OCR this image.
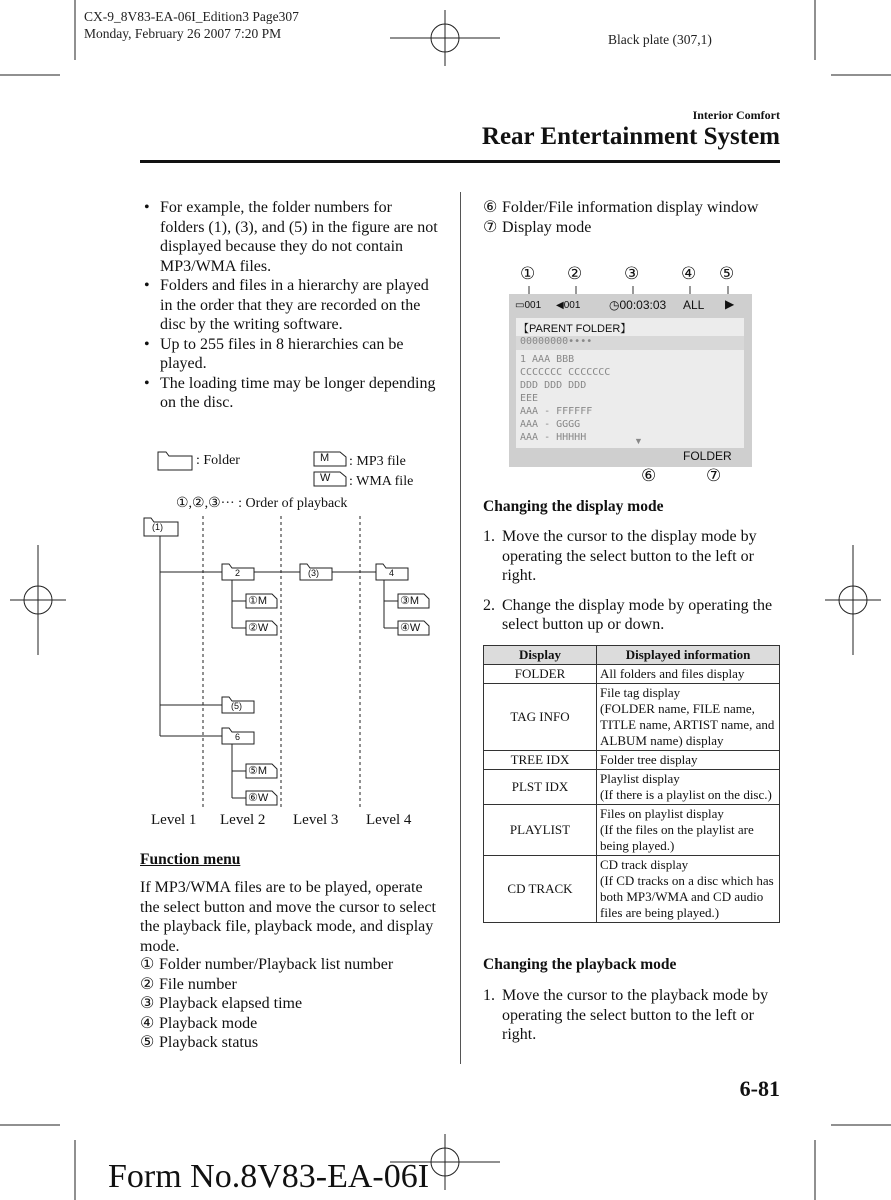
CX-9_8V83-EA-06I_Edition3 Page307
Monday, February 26 2007 7:20 PM	Black plate (307,1)
Interior Comfort
Rear Entertainment System
• For example, the folder numbers for folders (1), (3), and (5) in the figure are not displayed because they do not contain MP3/WMA files.
• Folders and files in a hierarchy are played in the order that they are recorded on the disc by the writing software.
• Up to 255 files in 8 hierarchies can be played.
• The loading time may be longer depending on the disc.
: Folder	M : MP3 file
W : WMA file
①,②,③··· : Order of playback
(1)
2	(3)	4
(5)
6
①M
②W
③M
④W
⑤M
⑥W
Level 1 Level 2 Level 3 Level 4
Function menu
If MP3/WMA files are to be played, operate the select button and move the cursor to select the playback file, playback mode, and display mode.
① Folder number/Playback list number
② File number
③ Playback elapsed time
④ Playback mode
⑤ Playback status
⑥ Folder/File information display window
⑦ Display mode
① ② ③ ④ ⑤
▭001 ◀001 ◷00:03:03 ALL ▶
【PARENT FOLDER】
00000000••••
1 AAA BBB
CCCCCCC CCCCCCC
DDD DDD DDD
EEE
AAA - FFFFFF
AAA - GGGG
AAA - HHHHH	▼
FOLDER
⑥	⑦
Changing the display mode
1. Move the cursor to the display mode by operating the select button to the left or right.
2. Change the display mode by operating the select button up or down.
Display	Displayed information
FOLDER	All folders and files display
TAG INFO	File tag display
(FOLDER name, FILE name, TITLE name, ARTIST name, and ALBUM name) display
TREE IDX	Folder tree display
PLST IDX	Playlist display
(If there is a playlist on the disc.)
PLAYLIST	Files on playlist display
(If the files on the playlist are being played.)
CD TRACK	CD track display
(If CD tracks on a disc which has both MP3/WMA and CD audio files are being played.)
Changing the playback mode
1. Move the cursor to the playback mode by operating the select button to the left or right.
6-81
Form No.8V83-EA-06I
